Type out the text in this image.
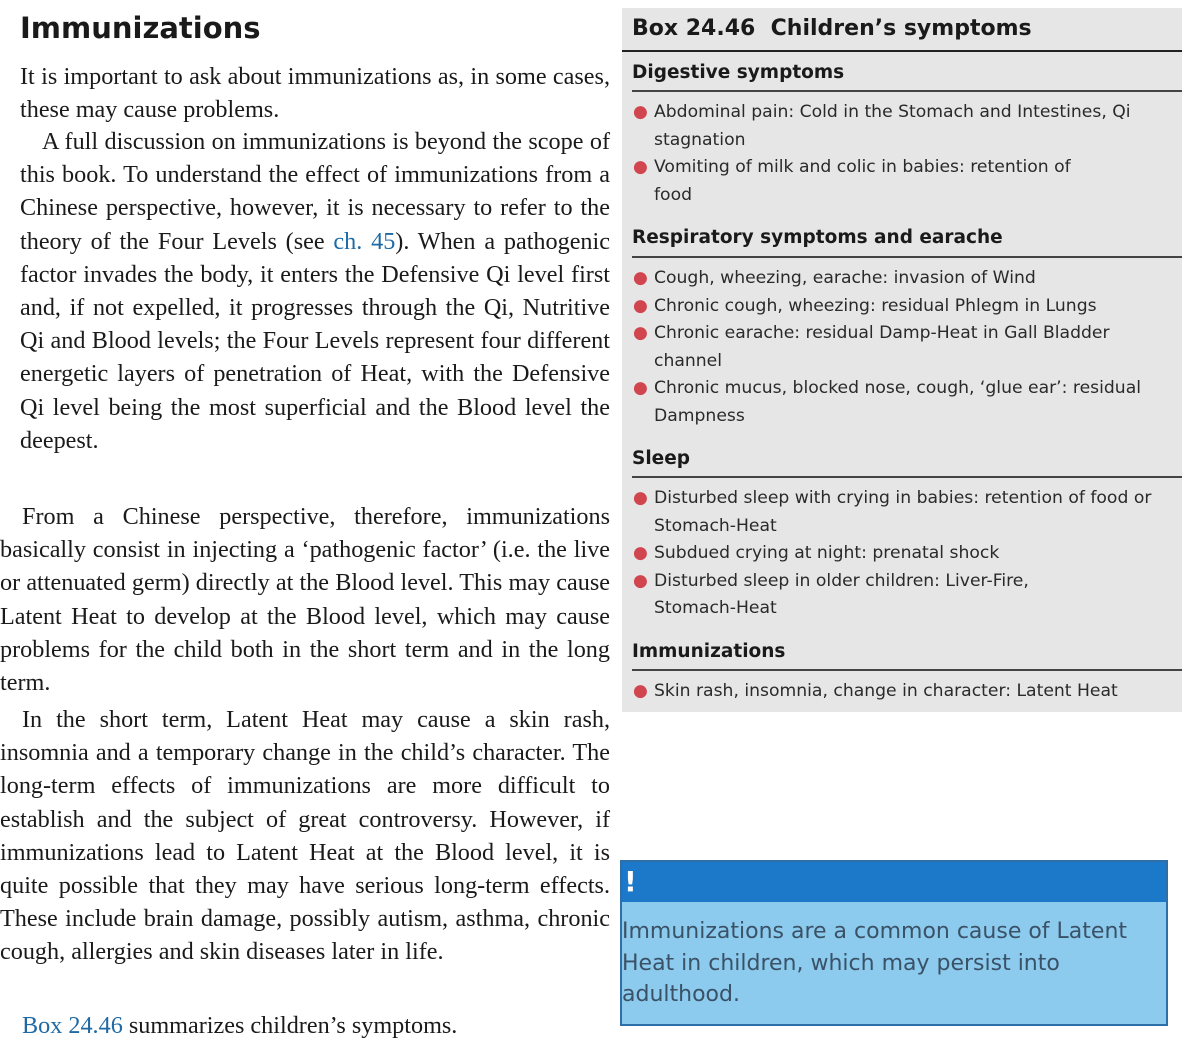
Immunizations

It is important to ask about immunizations as, in some cases, these may cause problems.

A full discussion on immunizations is beyond the scope of this book. To understand the effect of immunizations from a Chinese perspective, however, it is necessary to refer to the theory of the Four Levels (see ch. 45). When a pathogenic factor invades the body, it enters the Defensive Qi level first and, if not expelled, it progresses through the Qi, Nutritive Qi and Blood levels; the Four Levels represent four different energetic layers of penetration of Heat, with the Defensive Qi level being the most superficial and the Blood level the deepest.

From a Chinese perspective, therefore, immunizations basically consist in injecting a ‘pathogenic factor’ (i.e. the live or attenuated germ) directly at the Blood level. This may cause Latent Heat to develop at the Blood level, which may cause problems for the child both in the short term and in the long term.

In the short term, Latent Heat may cause a skin rash, insomnia and a temporary change in the child’s character. The long-term effects of immunizations are more difficult to establish and the subject of great controversy. However, if immunizations lead to Latent Heat at the Blood level, it is quite possible that they may have serious long-term effects. These include brain damage, possibly autism, asthma, chronic cough, allergies and skin diseases later in life.

Box 24.46 summarizes children’s symptoms.

Box 24.46 Children’s symptoms
Digestive symptoms
● Abdominal pain: Cold in the Stomach and Intestines, Qi stagnation
● Vomiting of milk and colic in babies: retention of food
Respiratory symptoms and earache
● Cough, wheezing, earache: invasion of Wind
● Chronic cough, wheezing: residual Phlegm in Lungs
● Chronic earache: residual Damp-Heat in Gall Bladder channel
● Chronic mucus, blocked nose, cough, ‘glue ear’: residual Dampness
Sleep
● Disturbed sleep with crying in babies: retention of food or Stomach-Heat
● Subdued crying at night: prenatal shock
● Disturbed sleep in older children: Liver-Fire, Stomach-Heat
Immunizations
● Skin rash, insomnia, change in character: Latent Heat
!
Immunizations are a common cause of Latent Heat in children, which may persist into adulthood.
